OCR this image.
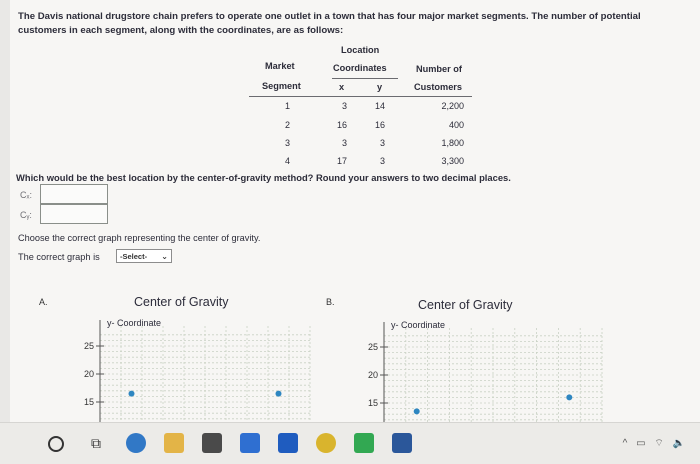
The Davis national drugstore chain prefers to operate one outlet in a town that has four major market segments. The number of potential customers in each segment, along with the coordinates, are as follows:
Location
Market	Coordinates	Number of
Segment	x	y	Customers
1	3	14	2,200
2	16	16	400
3	3	3	1,800
4	17	3	3,300
Which would be the best location by the center-of-gravity method? Round your answers to two decimal places.
Cₓ:
Cᵧ:
Choose the correct graph representing the center of gravity.
The correct graph is	-Select- ⌄
A.	Center of Gravity
y- Coordinate
15
20
25
B.	Center of Gravity
y- Coordinate
15
20
25
⧉	^ ▭ ⌔ 🔈
